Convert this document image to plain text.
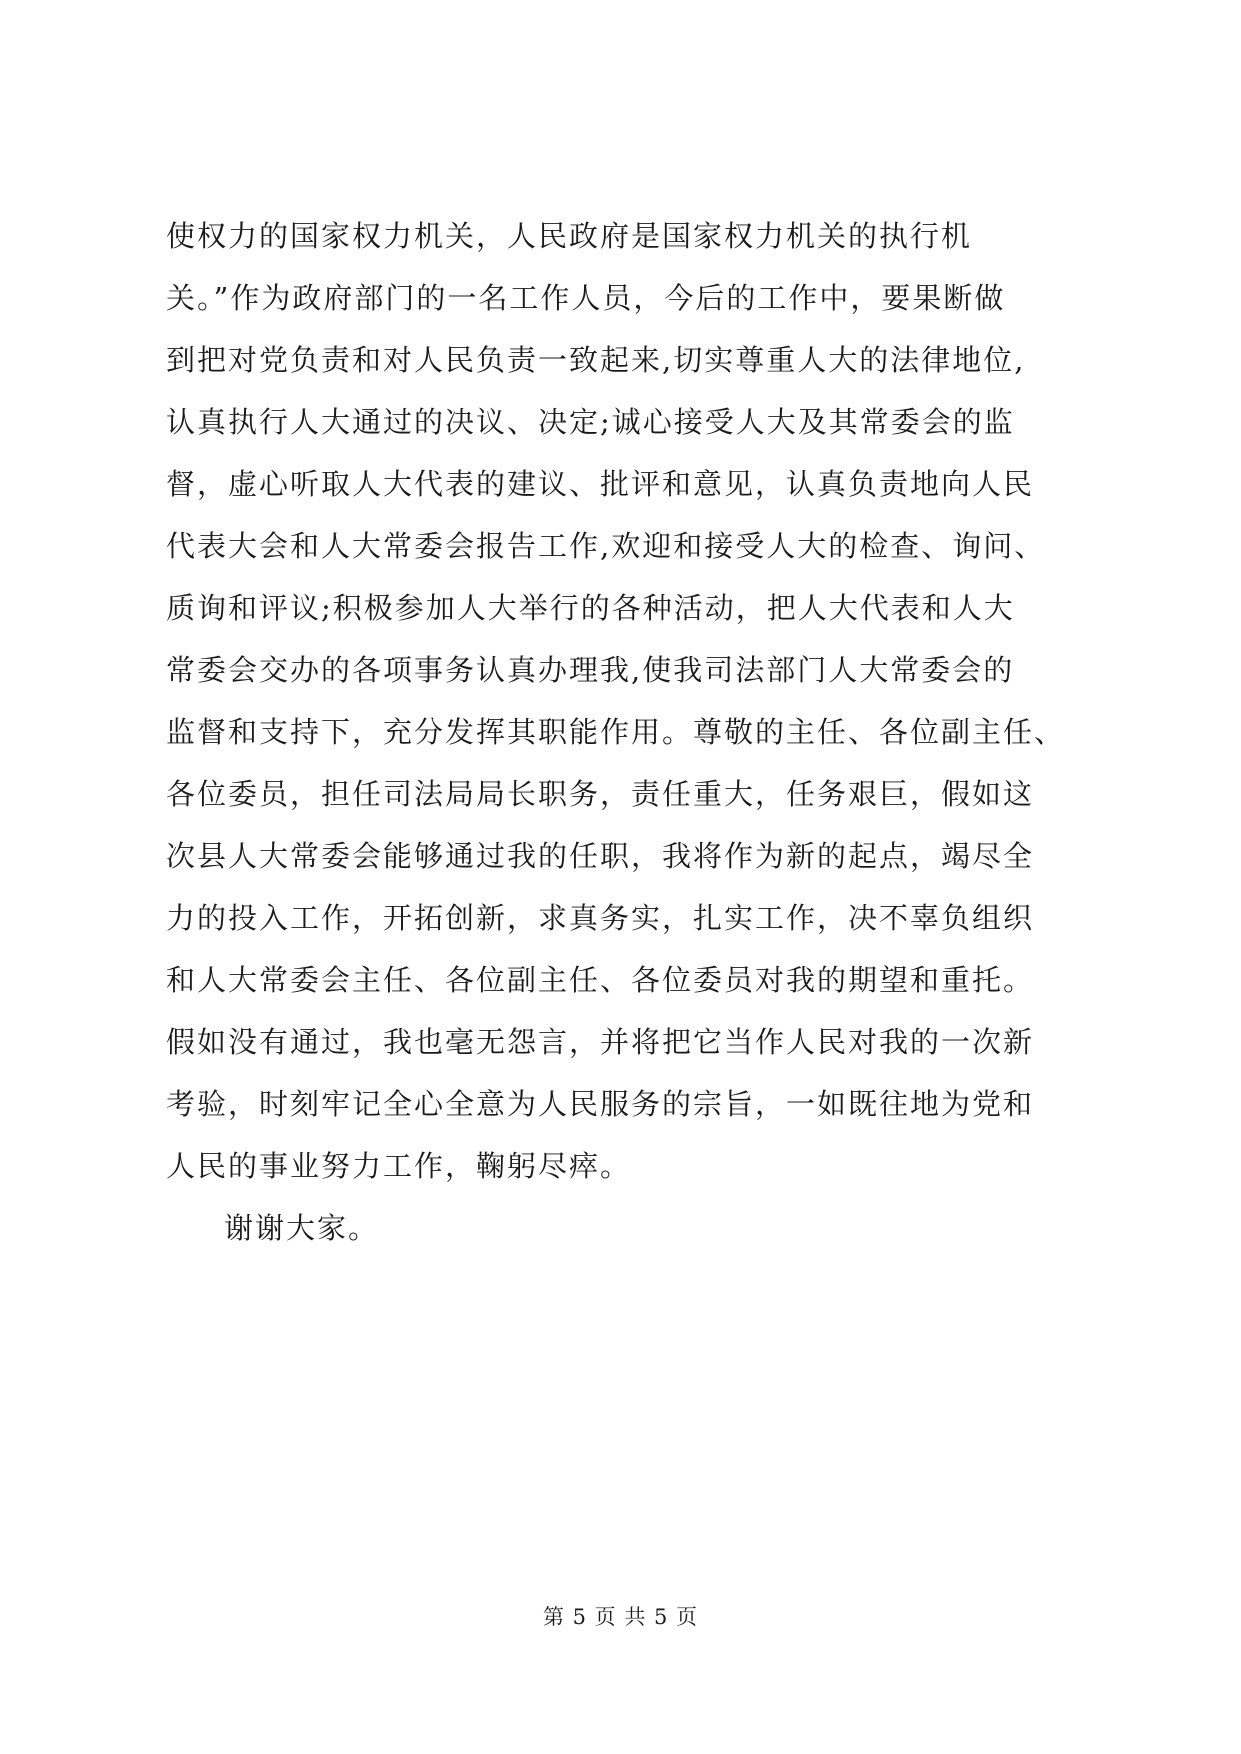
使权力的国家权力机关，人民政府是国家权力机关的执行机
关。”作为政府部门的一名工作人员，今后的工作中，要果断做
到把对党负责和对人民负责一致起来,切实尊重人大的法律地位,
认真执行人大通过的决议、决定;诚心接受人大及其常委会的监
督，虚心听取人大代表的建议、批评和意见，认真负责地向人民
代表大会和人大常委会报告工作,欢迎和接受人大的检查、询问、
质询和评议;积极参加人大举行的各种活动，把人大代表和人大
常委会交办的各项事务认真办理我,使我司法部门人大常委会的
监督和支持下，充分发挥其职能作用。尊敬的主任、各位副主任、
各位委员，担任司法局局长职务，责任重大，任务艰巨，假如这
次县人大常委会能够通过我的任职，我将作为新的起点，竭尽全
力的投入工作，开拓创新，求真务实，扎实工作，决不辜负组织
和人大常委会主任、各位副主任、各位委员对我的期望和重托。
假如没有通过，我也毫无怨言，并将把它当作人民对我的一次新
考验，时刻牢记全心全意为人民服务的宗旨，一如既往地为党和
人民的事业努力工作，鞠躬尽瘁。
谢谢大家。
第 5 页 共 5 页
